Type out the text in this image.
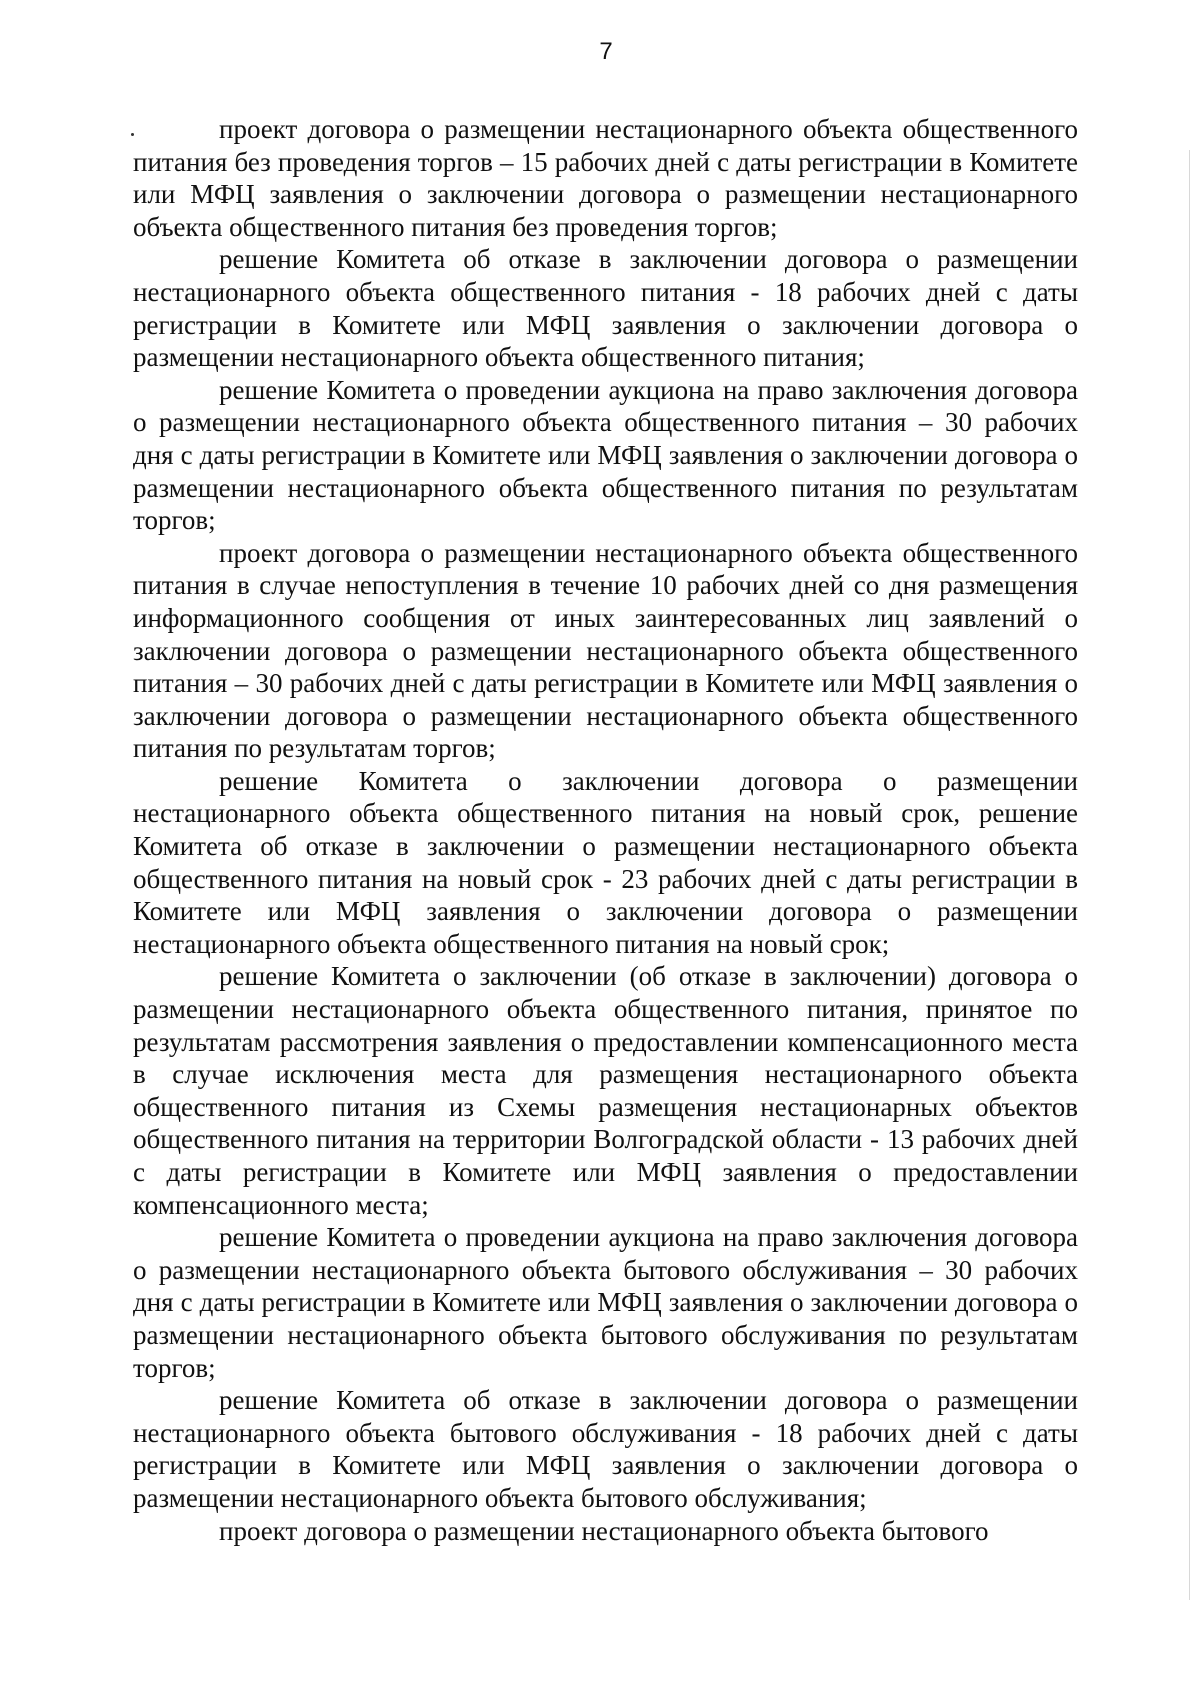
7

проект договора о размещении нестационарного объекта общественного питания без проведения торгов – 15 рабочих дней с даты регистрации в Комитете или МФЦ заявления о заключении договора о размещении нестационарного объекта общественного питания без проведения торгов;

решение Комитета об отказе в заключении договора о размещении нестационарного объекта общественного питания - 18 рабочих дней с даты регистрации в Комитете или МФЦ заявления о заключении договора о размещении нестационарного объекта общественного питания;

решение Комитета о проведении аукциона на право заключения договора о размещении нестационарного объекта общественного питания – 30 рабочих дня с даты регистрации в Комитете или МФЦ заявления о заключении договора о размещении нестационарного объекта общественного питания по результатам торгов;

проект договора о размещении нестационарного объекта общественного питания в случае непоступления в течение 10 рабочих дней со дня размещения информационного сообщения от иных заинтересованных лиц заявлений о заключении договора о размещении нестационарного объекта общественного питания – 30 рабочих дней с даты регистрации в Комитете или МФЦ заявления о заключении договора о размещении нестационарного объекта общественного питания по результатам торгов;

решение Комитета о заключении договора о размещении нестационарного объекта общественного питания на новый срок, решение Комитета об отказе в заключении о размещении нестационарного объекта общественного питания на новый срок - 23 рабочих дней с даты регистрации в Комитете или МФЦ заявления о заключении договора о размещении нестационарного объекта общественного питания на новый срок;

решение Комитета о заключении (об отказе в заключении) договора о размещении нестационарного объекта общественного питания, принятое по результатам рассмотрения заявления о предоставлении компенсационного места в случае исключения места для размещения нестационарного объекта общественного питания из Схемы размещения нестационарных объектов общественного питания на территории Волгоградской области - 13 рабочих дней с даты регистрации в Комитете или МФЦ заявления о предоставлении компенсационного места;

решение Комитета о проведении аукциона на право заключения договора о размещении нестационарного объекта бытового обслуживания – 30 рабочих дня с даты регистрации в Комитете или МФЦ заявления о заключении договора о размещении нестационарного объекта бытового обслуживания по результатам торгов;

решение Комитета об отказе в заключении договора о размещении нестационарного объекта бытового обслуживания - 18 рабочих дней с даты регистрации в Комитете или МФЦ заявления о заключении договора о размещении нестационарного объекта бытового обслуживания;

проект договора о размещении нестационарного объекта бытового
